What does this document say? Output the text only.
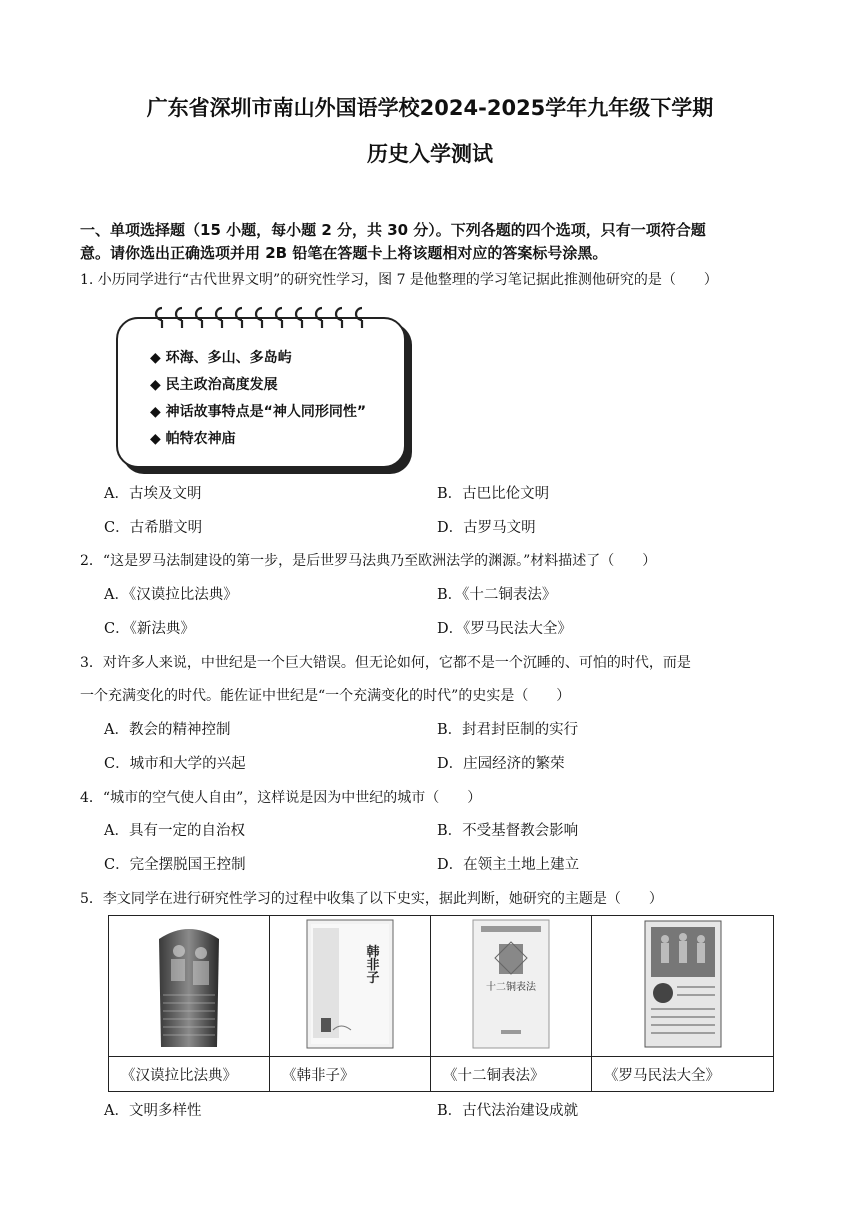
广东省深圳市南山外国语学校2024-2025学年九年级下学期
历史入学测试
一、单项选择题（15 小题，每小题 2 分，共 30 分）。下列各题的四个选项，只有一项符合题
意。请你选出正确选项并用 2B 铅笔在答题卡上将该题相对应的答案标号涂黑。
1. 小历同学进行“古代世界文明”的研究性学习，图 7 是他整理的学习笔记据此推测他研究的是（　　）
◆ 环海、多山、多岛屿
◆ 民主政治高度发展
◆ 神话故事特点是“神人同形同性”
◆ 帕特农神庙
A．古埃及文明	B．古巴比伦文明
C．古希腊文明	D．古罗马文明
2．“这是罗马法制建设的第一步，是后世罗马法典乃至欧洲法学的渊源。”材料描述了（　　）
A．《汉谟拉比法典》	B．《十二铜表法》
C．《新法典》	D．《罗马民法大全》
3．对许多人来说，中世纪是一个巨大错误。但无论如何，它都不是一个沉睡的、可怕的时代，而是
一个充满变化的时代。能佐证中世纪是“一个充满变化的时代”的史实是（　　）
A．教会的精神控制	B．封君封臣制的实行
C．城市和大学的兴起	D．庄园经济的繁荣
4．“城市的空气使人自由”，这样说是因为中世纪的城市（　　）
A．具有一定的自治权	B．不受基督教会影响
C．完全摆脱国王控制	D．在领主土地上建立
5．李文同学在进行研究性学习的过程中收集了以下史实，据此判断，她研究的主题是（　　）

韩非子	十二铜表法

《汉谟拉比法典》	《韩非子》	《十二铜表法》	《罗马民法大全》
A．文明多样性	B．古代法治建设成就
